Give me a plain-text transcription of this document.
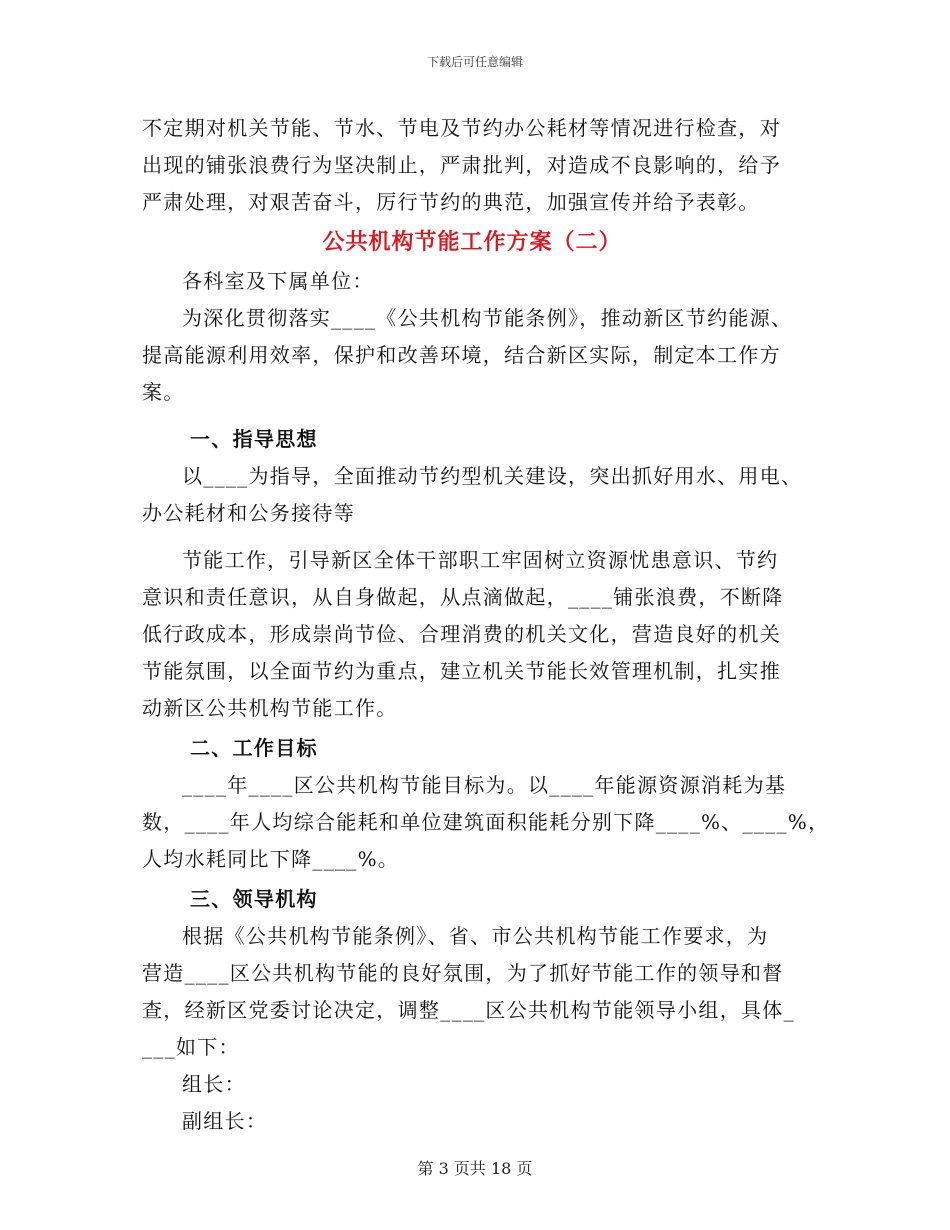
下载后可任意编辑
不定期对机关节能、节水、节电及节约办公耗材等情况进行检查，对
出现的铺张浪费行为坚决制止，严肃批判，对造成不良影响的，给予
严肃处理，对艰苦奋斗，厉行节约的典范，加强宣传并给予表彰。
公共机构节能工作方案（二）
各科室及下属单位：
为深化贯彻落实____《公共机构节能条例》，推动新区节约能源、
提高能源利用效率，保护和改善环境，结合新区实际，制定本工作方
案。
一、指导思想
以____为指导，全面推动节约型机关建设，突出抓好用水、用电、
办公耗材和公务接待等
节能工作，引导新区全体干部职工牢固树立资源忧患意识、节约
意识和责任意识，从自身做起，从点滴做起，____铺张浪费，不断降
低行政成本，形成崇尚节俭、合理消费的机关文化，营造良好的机关
节能氛围，以全面节约为重点，建立机关节能长效管理机制，扎实推
动新区公共机构节能工作。
二、工作目标
____年____区公共机构节能目标为。以____年能源资源消耗为基
数，____年人均综合能耗和单位建筑面积能耗分别下降____%、____%，
人均水耗同比下降____%。
三、领导机构
根据《公共机构节能条例》、省、市公共机构节能工作要求，为
营造____区公共机构节能的良好氛围，为了抓好节能工作的领导和督
查，经新区党委讨论决定，调整____区公共机构节能领导小组，具体_
___如下：
组长：
副组长：
第 3 页共 18 页
